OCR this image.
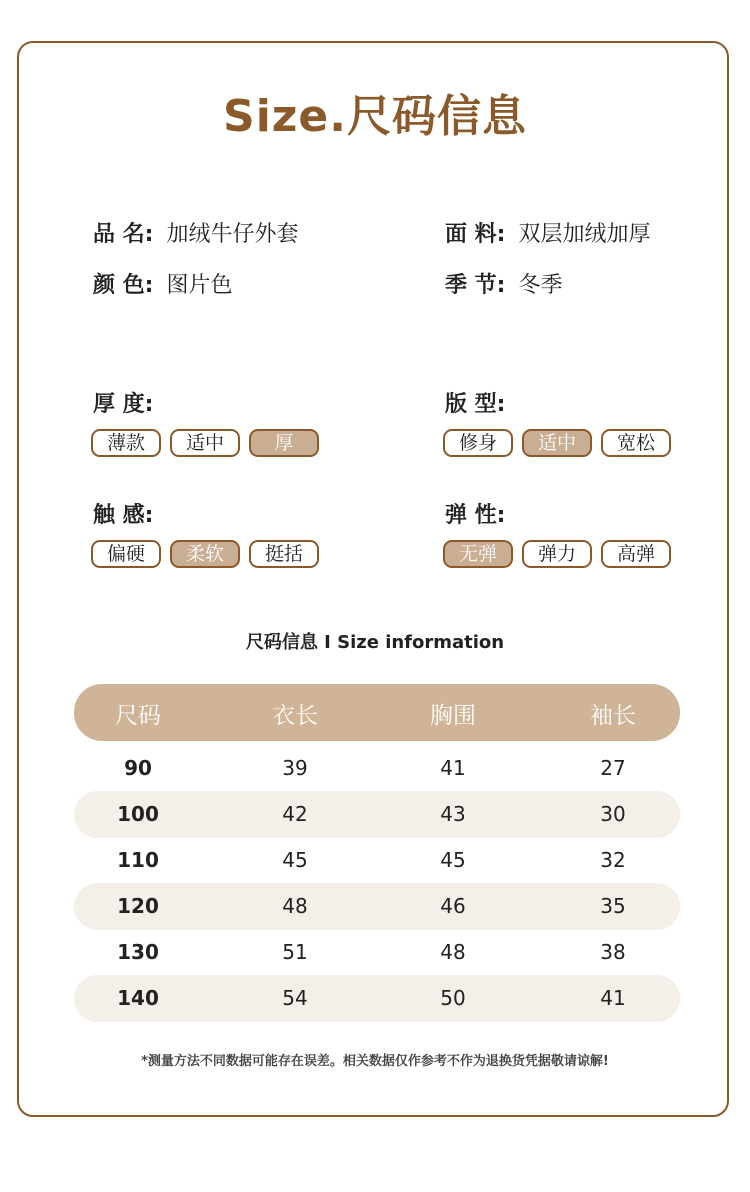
Size.尺码信息
品 名: 加绒牛仔外套	面 料: 双层加绒加厚
颜 色: 图片色	季 节: 冬季
厚 度:	版 型:
触 感:	弹 性:
薄款	适中	厚	修身	适中	宽松
偏硬	柔软	挺括	无弹	弹力	高弹
尺码信息 I Size information
尺码	衣长	胸围	袖长
90	39	41	27
100	42	43	30
110	45	45	32
120	48	46	35
130	51	48	38
140	54	50	41
*测量方法不同数据可能存在误差。相关数据仅作参考不作为退换货凭据敬请谅解!
